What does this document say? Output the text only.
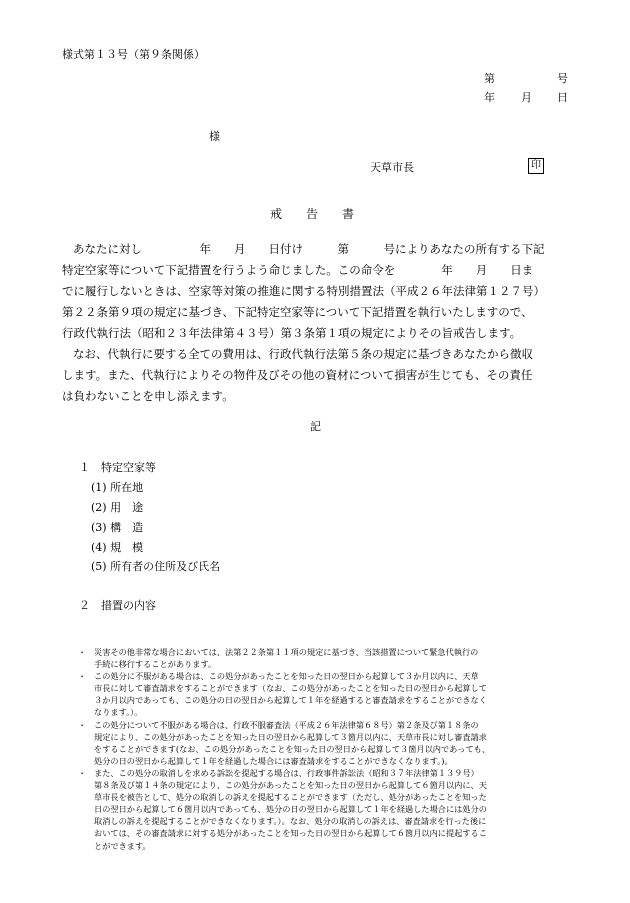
様式第１３号（第９条関係）
第	号
年 月 日
様
天草市長	印
戒　　告　　書
あなたに対し　　　　　年　　月　　日付け　　　第　　　号によりあなたの所有する下記
特定空家等について下記措置を行うよう命じました。この命令を　　　　年　　月　　日ま
でに履行しないときは、空家等対策の推進に関する特別措置法（平成２６年法律第１２７号）
第２２条第９項の規定に基づき、下記特定空家等について下記措置を執行いたしますので、
行政代執行法（昭和２３年法律第４３号）第３条第１項の規定によりその旨戒告します。
なお、代執行に要する全ての費用は、行政代執行法第５条の規定に基づきあなたから徴収
します。また、代執行によりその物件及びその他の資材について損害が生じても、その責任
は負わないことを申し添えます。
記
１　特定空家等
(1) 所在地
(2) 用　途
(3) 構　造
(4) 規　模
(5) 所有者の住所及び氏名
２　措置の内容
・ 災害その他非常な場合においては、法第２２条第１１項の規定に基づき、当該措置について緊急代執行の
手続に移行することがあります。
・ この処分に不服がある場合は、この処分があったことを知った日の翌日から起算して３か月以内に、天草
市長に対して審査請求をすることができます（なお、この処分があったことを知った日の翌日から起算して
３か月以内であっても、この処分の日の翌日から起算して１年を経過すると審査請求をすることができなく
なります。）。
・ この処分について不服がある場合は、行政不服審査法（平成２６年法律第６８号）第２条及び第１８条の
規定により、この処分があったことを知った日の翌日から起算して３箇月以内に、天草市長に対し審査請求
をすることができます(なお、この処分があったことを知った日の翌日から起算して３箇月以内であっても、
処分の日の翌日から起算して１年を経過した場合には審査請求をすることができなくなります。)。
・ また、この処分の取消しを求める訴訟を提起する場合は、行政事件訴訟法（昭和３７年法律第１３９号）
第８条及び第１４条の規定により、この処分があったことを知った日の翌日から起算して６箇月以内に、天
草市長を被告として、処分の取消しの訴えを提起することができます（ただし、処分があったことを知った
日の翌日から起算して６箇月以内であっても、処分の日の翌日から起算して１年を経過した場合には処分の
取消しの訴えを提起することができなくなります。）。なお、処分の取消しの訴えは、審査請求を行った後に
おいては、その審査請求に対する処分があったことを知った日の翌日から起算して６箇月以内に提起するこ
とができます。
